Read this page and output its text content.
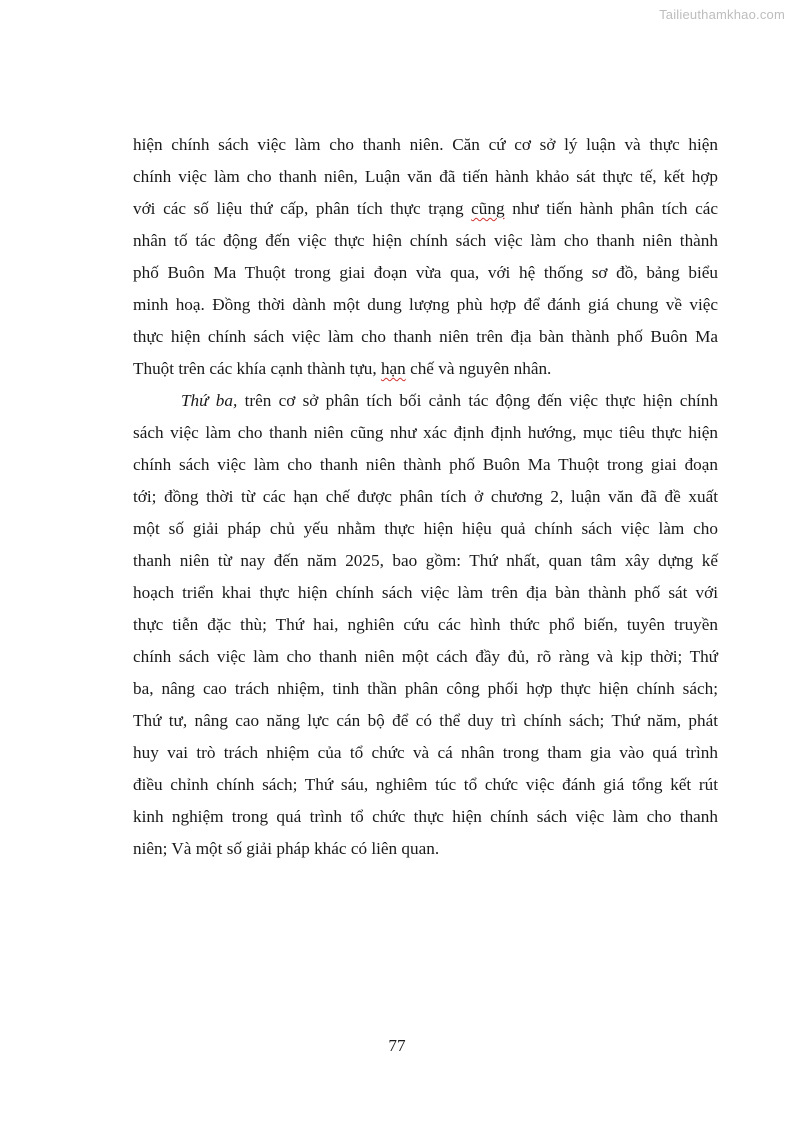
Tailieuthamkhao.com
hiện chính sách việc làm cho thanh niên. Căn cứ cơ sở lý luận và thực hiện
chính việc làm cho thanh niên, Luận văn đã tiến hành khảo sát thực tế, kết hợp
với các số liệu thứ cấp, phân tích thực trạng cũng như tiến hành phân tích các
nhân tố tác động đến việc thực hiện chính sách việc làm cho thanh niên thành
phố Buôn Ma Thuột trong giai đoạn vừa qua, với hệ thống sơ đồ, bảng biểu
minh hoạ. Đồng thời dành một dung lượng phù hợp để đánh giá chung về việc
thực hiện chính sách việc làm cho thanh niên trên địa bàn thành phố Buôn Ma
Thuột trên các khía cạnh thành tựu, hạn chế và nguyên nhân.
Thứ ba, trên cơ sở phân tích bối cảnh tác động đến việc thực hiện chính
sách việc làm cho thanh niên cũng như xác định định hướng, mục tiêu thực hiện
chính sách việc làm cho thanh niên thành phố Buôn Ma Thuột trong giai đoạn
tới; đồng thời từ các hạn chế được phân tích ở chương 2, luận văn đã đề xuất
một số giải pháp chủ yếu nhằm thực hiện hiệu quả chính sách việc làm cho
thanh niên từ nay đến năm 2025, bao gồm: Thứ nhất, quan tâm xây dựng kế
hoạch triển khai thực hiện chính sách việc làm trên địa bàn thành phố sát với
thực tiễn đặc thù; Thứ hai, nghiên cứu các hình thức phổ biến, tuyên truyền
chính sách việc làm cho thanh niên một cách đầy đủ, rõ ràng và kịp thời; Thứ
ba, nâng cao trách nhiệm, tinh thần phân công phối hợp thực hiện chính sách;
Thứ tư, nâng cao năng lực cán bộ để có thể duy trì chính sách; Thứ năm, phát
huy vai trò trách nhiệm của tổ chức và cá nhân trong tham gia vào quá trình
điều chỉnh chính sách; Thứ sáu, nghiêm túc tổ chức việc đánh giá tổng kết rút
kinh nghiệm trong quá trình tổ chức thực hiện chính sách việc làm cho thanh
niên; Và một số giải pháp khác có liên quan.
77
